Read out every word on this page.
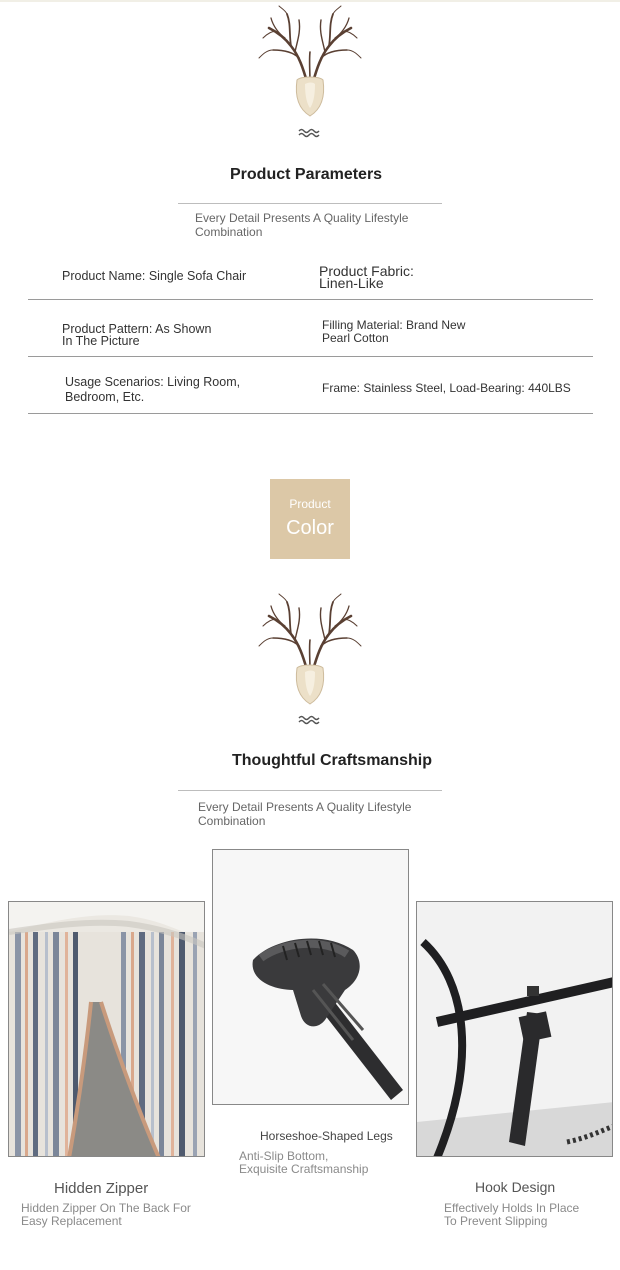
Product Parameters
Every Detail Presents A Quality Lifestyle
Combination
Product Name: Single Sofa Chair	Product Fabric:
Linen-Like
Product Pattern: As Shown
In The Picture
Filling Material: Brand New
Pearl Cotton
Usage Scenarios: Living Room,
Bedroom, Etc.
Frame: Stainless Steel, Load-Bearing: 440LBS
Product
Color
Thoughtful Craftsmanship
Every Detail Presents A Quality Lifestyle
Combination
Hidden Zipper
Hidden Zipper On The Back For
Easy Replacement
Horseshoe-Shaped Legs
Anti-Slip Bottom,
Exquisite Craftsmanship
Hook Design
Effectively Holds In Place
To Prevent Slipping
